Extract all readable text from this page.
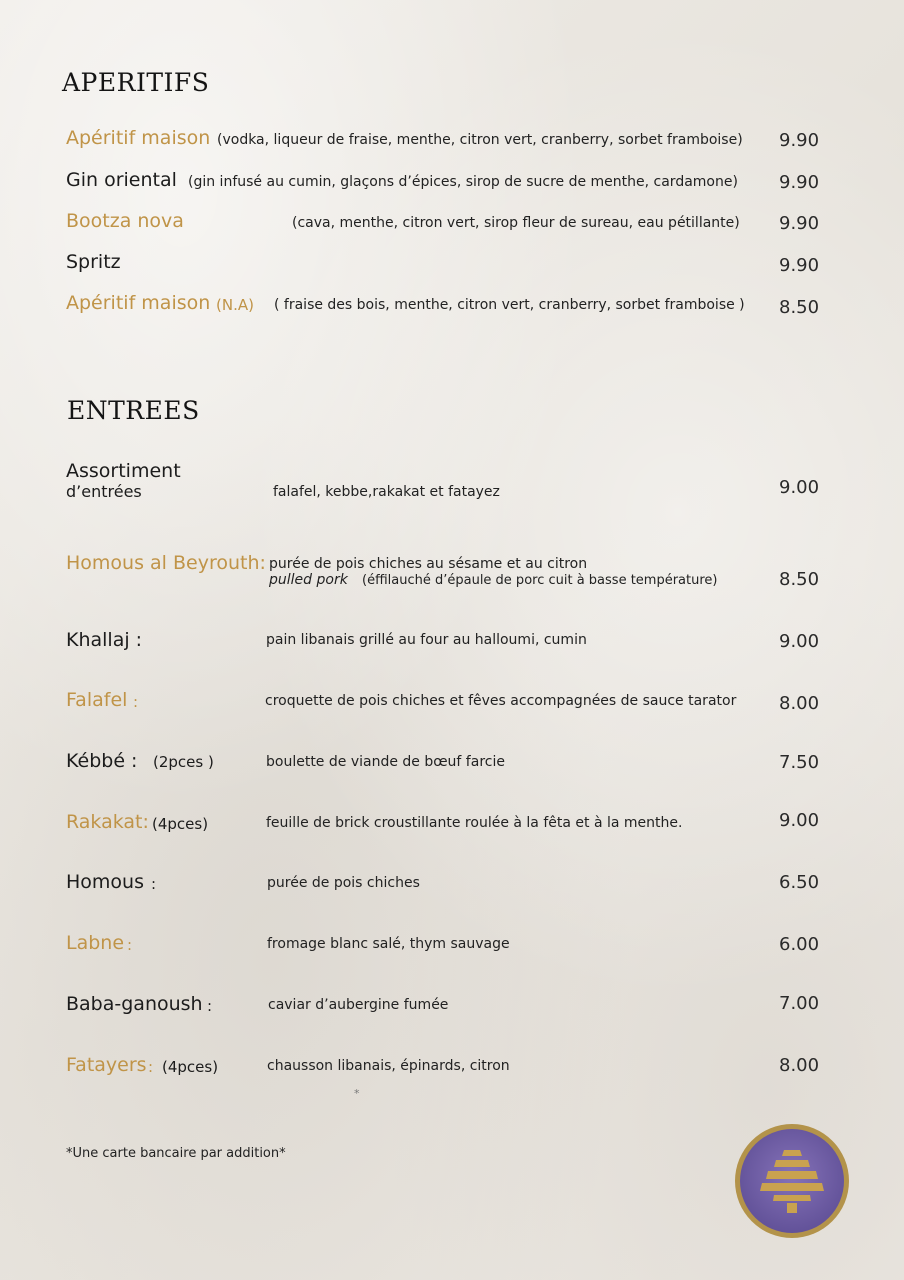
APERITIFS
Apéritif maison (vodka, liqueur de fraise, menthe, citron vert, cranberry, sorbet framboise) 9.90
Gin oriental (gin infusé au cumin, glaçons d’épices, sirop de sucre de menthe, cardamone) 9.90
Bootza nova	(cava, menthe, citron vert, sirop fleur de sureau, eau pétillante) 9.90
Spritz	9.90
Apéritif maison (N.A) ( fraise des bois, menthe, citron vert, cranberry, sorbet framboise ) 8.50
ENTREES
Assortiment
d’entrées	falafel, kebbe,rakakat et fatayez	9.00
Homous al Beyrouth: purée de pois chiches au sésame et au citron
pulled pork (éffilauché d’épaule de porc cuit à basse température)	8.50
Khallaj :	pain libanais grillé au four au halloumi, cumin	9.00
Falafel :	croquette de pois chiches et fêves accompagnées de sauce tarator 8.00
Kébbé : (2pces )	boulette de viande de bœuf farcie	7.50
Rakakat: (4pces)	feuille de brick croustillante roulée à la fêta et à la menthe.	9.00
Homous :	purée de pois chiches	6.50
Labne :	fromage blanc salé, thym sauvage	6.00
Baba-ganoush :	caviar d’aubergine fumée	7.00
Fatayers : (4pces)	chausson libanais, épinards, citron	8.00
*
*Une carte bancaire par addition*
